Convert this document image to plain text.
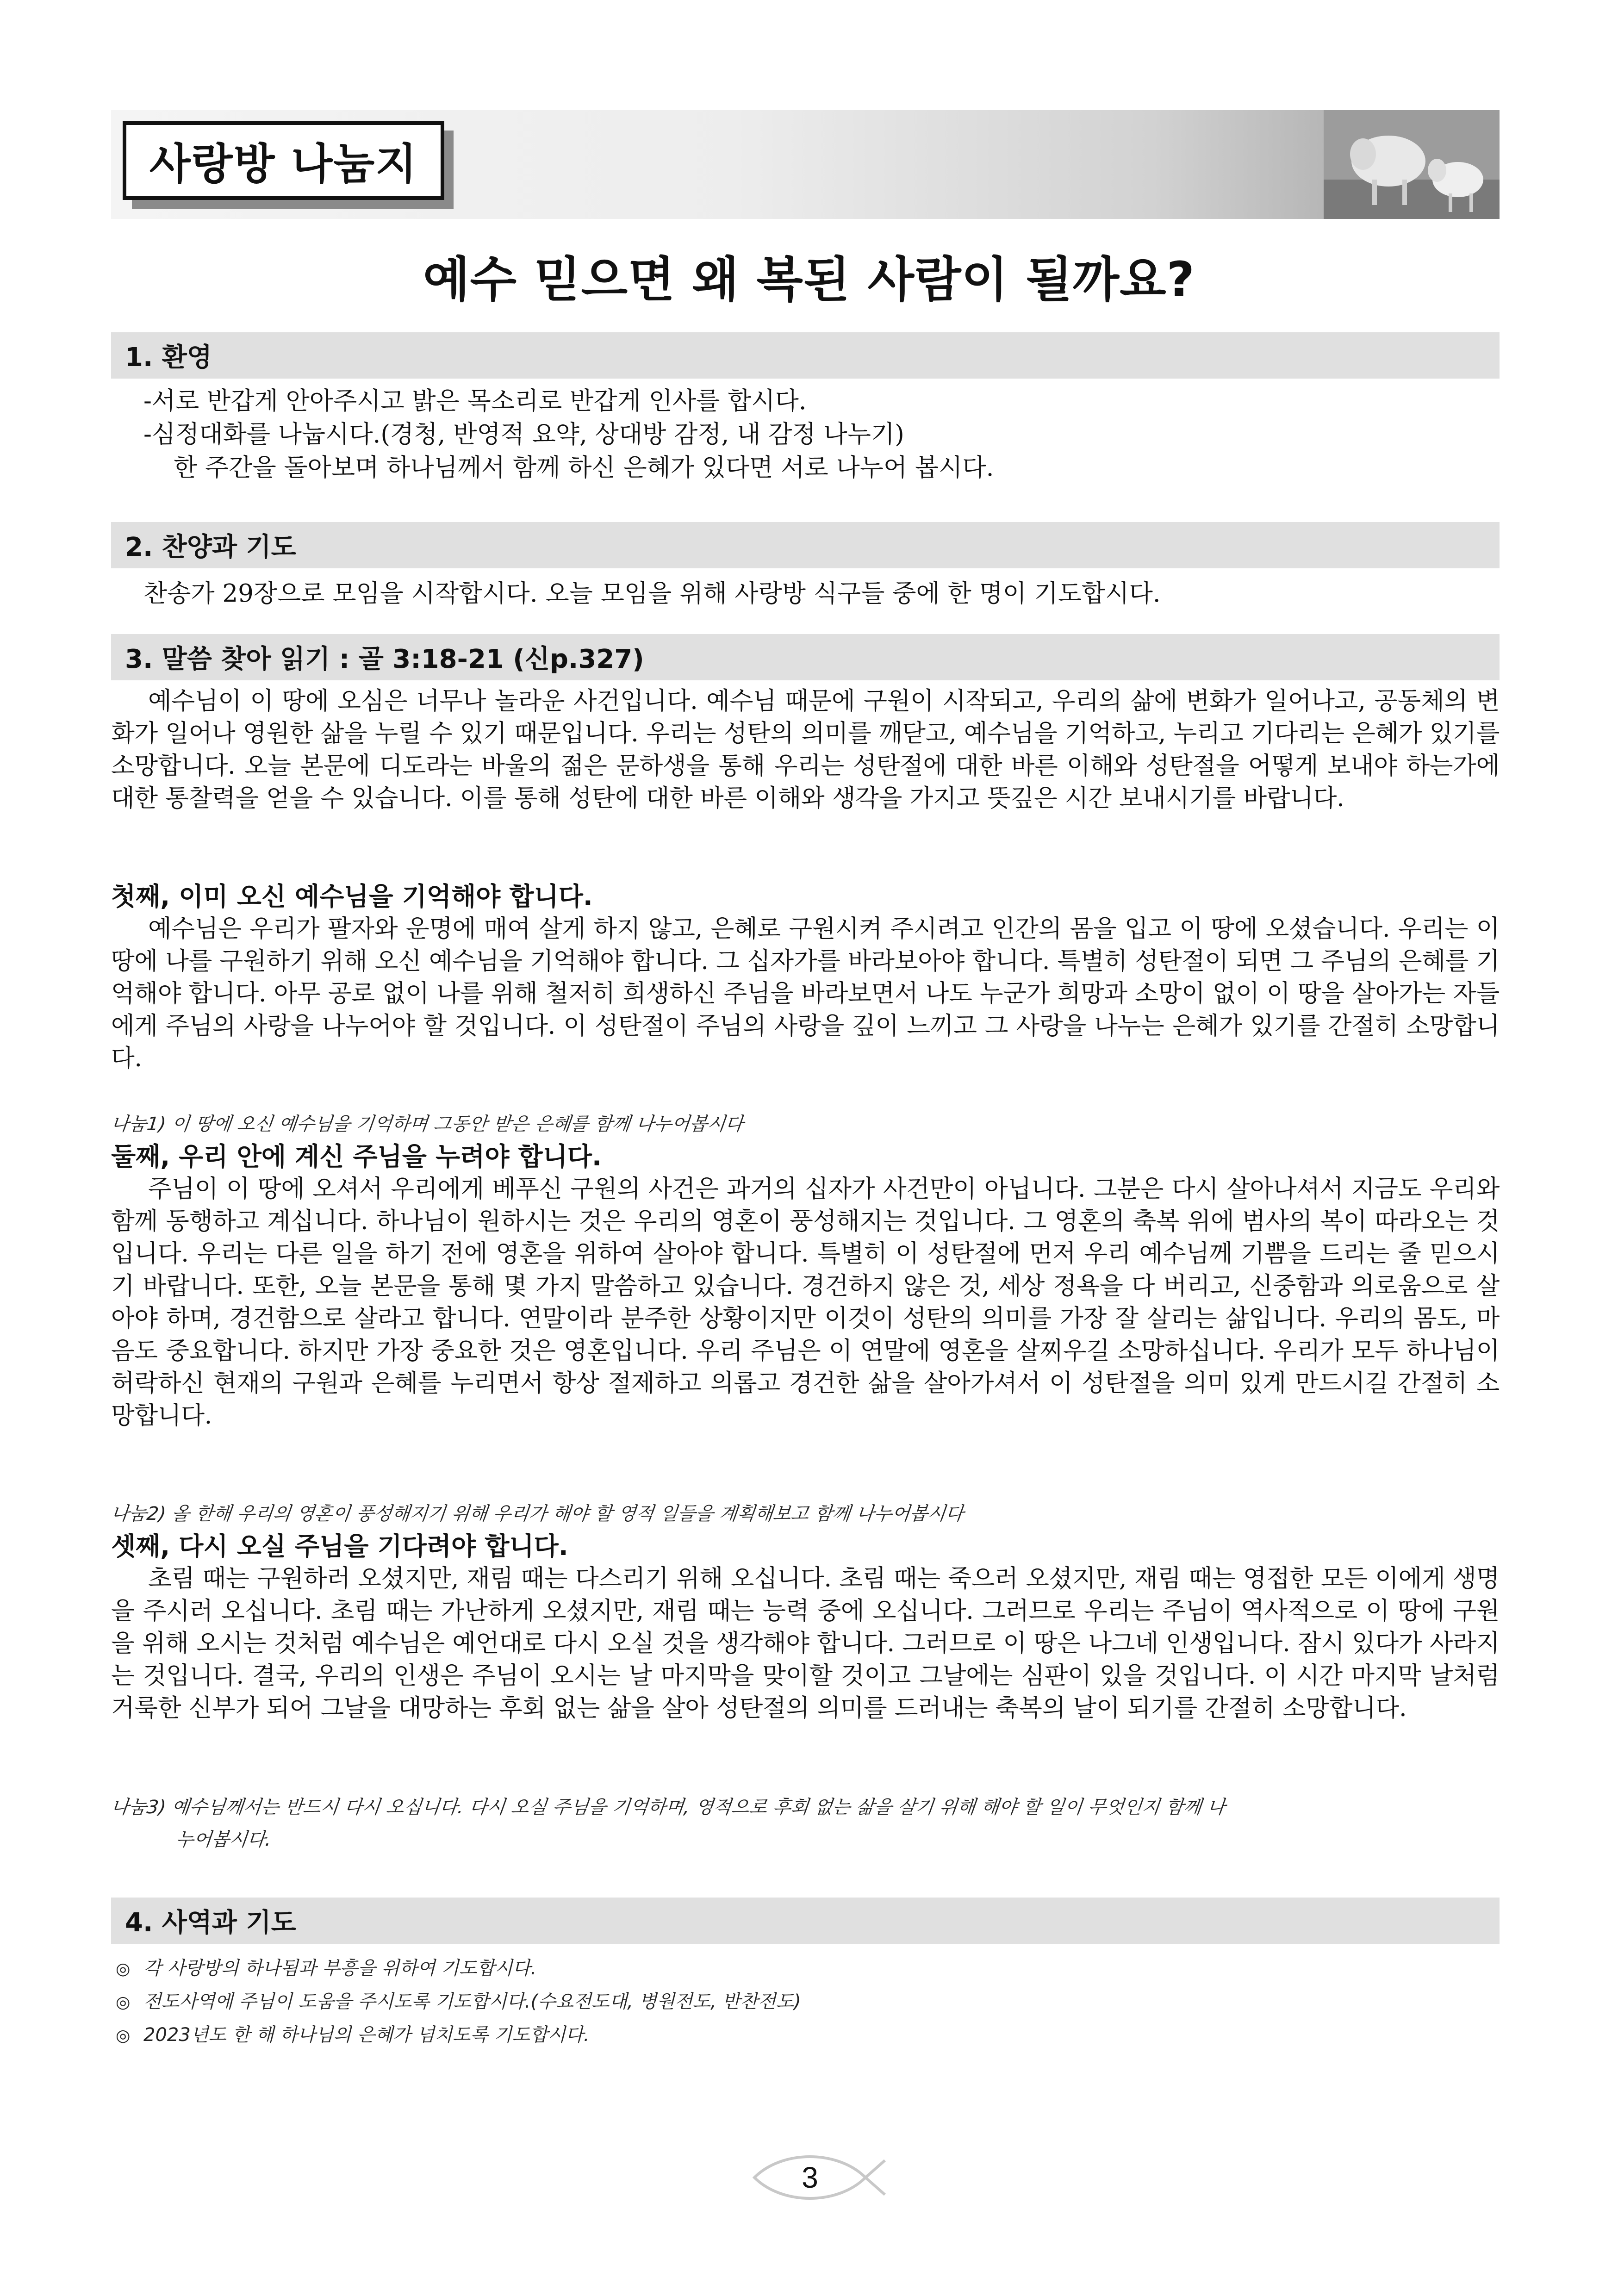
사랑방 나눔지
예수 믿으면 왜 복된 사람이 될까요?
1. 환영
-서로 반갑게 안아주시고 밝은 목소리로 반갑게 인사를 합시다.
-심정대화를 나눕시다.(경청, 반영적 요약, 상대방 감정, 내 감정 나누기)
한 주간을 돌아보며 하나님께서 함께 하신 은혜가 있다면 서로 나누어 봅시다.
2. 찬양과 기도
찬송가 29장으로 모임을 시작합시다. 오늘 모임을 위해 사랑방 식구들 중에 한 명이 기도합시다.
3. 말씀 찾아 읽기 : 골 3:18-21 (신p.327)
예수님이 이 땅에 오심은 너무나 놀라운 사건입니다. 예수님 때문에 구원이 시작되고, 우리의 삶에 변화가 일어나고, 공동체의 변화가 일어나 영원한 삶을 누릴 수 있기 때문입니다. 우리는 성탄의 의미를 깨닫고, 예수님을 기억하고, 누리고 기다리는 은혜가 있기를 소망합니다. 오늘 본문에 디도라는 바울의 젊은 문하생을 통해 우리는 성탄절에 대한 바른 이해와 성탄절을 어떻게 보내야 하는가에 대한 통찰력을 얻을 수 있습니다. 이를 통해 성탄에 대한 바른 이해와 생각을 가지고 뜻깊은 시간 보내시기를 바랍니다.
첫째, 이미 오신 예수님을 기억해야 합니다.
예수님은 우리가 팔자와 운명에 매여 살게 하지 않고, 은혜로 구원시켜 주시려고 인간의 몸을 입고 이 땅에 오셨습니다. 우리는 이 땅에 나를 구원하기 위해 오신 예수님을 기억해야 합니다. 그 십자가를 바라보아야 합니다. 특별히 성탄절이 되면 그 주님의 은혜를 기억해야 합니다. 아무 공로 없이 나를 위해 철저히 희생하신 주님을 바라보면서 나도 누군가 희망과 소망이 없이 이 땅을 살아가는 자들에게 주님의 사랑을 나누어야 할 것입니다. 이 성탄절이 주님의 사랑을 깊이 느끼고 그 사랑을 나누는 은혜가 있기를 간절히 소망합니다.
나눔1) 이 땅에 오신 예수님을 기억하며 그동안 받은 은혜를 함께 나누어봅시다
둘째, 우리 안에 계신 주님을 누려야 합니다.
주님이 이 땅에 오셔서 우리에게 베푸신 구원의 사건은 과거의 십자가 사건만이 아닙니다. 그분은 다시 살아나셔서 지금도 우리와 함께 동행하고 계십니다. 하나님이 원하시는 것은 우리의 영혼이 풍성해지는 것입니다. 그 영혼의 축복 위에 범사의 복이 따라오는 것입니다. 우리는 다른 일을 하기 전에 영혼을 위하여 살아야 합니다. 특별히 이 성탄절에 먼저 우리 예수님께 기쁨을 드리는 줄 믿으시기 바랍니다. 또한, 오늘 본문을 통해 몇 가지 말씀하고 있습니다. 경건하지 않은 것, 세상 정욕을 다 버리고, 신중함과 의로움으로 살아야 하며, 경건함으로 살라고 합니다. 연말이라 분주한 상황이지만 이것이 성탄의 의미를 가장 잘 살리는 삶입니다. 우리의 몸도, 마음도 중요합니다. 하지만 가장 중요한 것은 영혼입니다. 우리 주님은 이 연말에 영혼을 살찌우길 소망하십니다. 우리가 모두 하나님이 허락하신 현재의 구원과 은혜를 누리면서 항상 절제하고 의롭고 경건한 삶을 살아가셔서 이 성탄절을 의미 있게 만드시길 간절히 소망합니다.
나눔2) 올 한해 우리의 영혼이 풍성해지기 위해 우리가 해야 할 영적 일들을 계획해보고 함께 나누어봅시다
셋째, 다시 오실 주님을 기다려야 합니다.
초림 때는 구원하러 오셨지만, 재림 때는 다스리기 위해 오십니다. 초림 때는 죽으러 오셨지만, 재림 때는 영접한 모든 이에게 생명을 주시러 오십니다. 초림 때는 가난하게 오셨지만, 재림 때는 능력 중에 오십니다. 그러므로 우리는 주님이 역사적으로 이 땅에 구원을 위해 오시는 것처럼 예수님은 예언대로 다시 오실 것을 생각해야 합니다. 그러므로 이 땅은 나그네 인생입니다. 잠시 있다가 사라지는 것입니다. 결국, 우리의 인생은 주님이 오시는 날 마지막을 맞이할 것이고 그날에는 심판이 있을 것입니다. 이 시간 마지막 날처럼 거룩한 신부가 되어 그날을 대망하는 후회 없는 삶을 살아 성탄절의 의미를 드러내는 축복의 날이 되기를 간절히 소망합니다.
나눔3) 예수님께서는 반드시 다시 오십니다. 다시 오실 주님을 기억하며, 영적으로 후회 없는 삶을 살기 위해 해야 할 일이 무엇인지 함께 나
누어봅시다.
4. 사역과 기도
◎ 각 사랑방의 하나됨과 부흥을 위하여 기도합시다.
◎ 전도사역에 주님이 도움을 주시도록 기도합시다.(수요전도대, 병원전도, 반찬전도)
◎ 2023년도 한 해 하나님의 은혜가 넘치도록 기도합시다.
3
